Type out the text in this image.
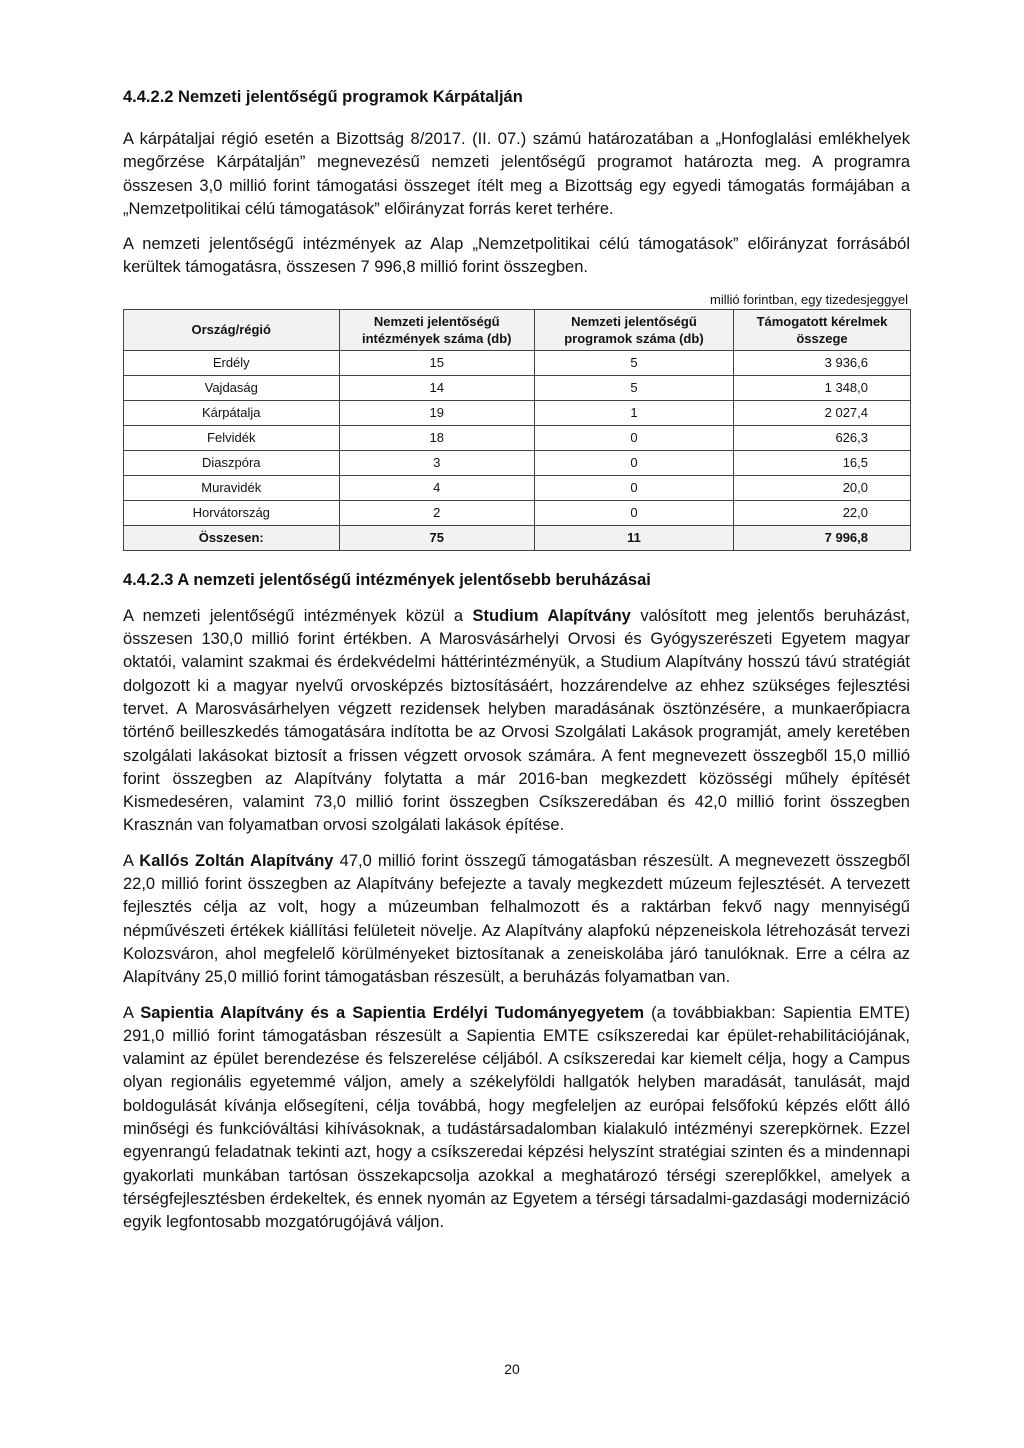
4.4.2.2 Nemzeti jelentőségű programok Kárpátalján

A kárpátaljai régió esetén a Bizottság 8/2017. (II. 07.) számú határozatában a „Honfoglalási emlékhelyek megőrzése Kárpátalján” megnevezésű nemzeti jelentőségű programot határozta meg. A programra összesen 3,0 millió forint támogatási összeget ítélt meg a Bizottság egy egyedi támogatás formájában a „Nemzetpolitikai célú támogatások” előirányzat forrás keret terhére.

A nemzeti jelentőségű intézmények az Alap „Nemzetpolitikai célú támogatások” előirányzat forrásából kerültek támogatásra, összesen 7 996,8 millió forint összegben.

millió forintban, egy tizedesjeggyel
Ország/régió	Nemzeti jelentőségű intézmények száma (db)	Nemzeti jelentőségű programok száma (db)	Támogatott kérelmek összege
Erdély	15	5	3 936,6
Vajdaság	14	5	1 348,0
Kárpátalja	19	1	2 027,4
Felvidék	18	0	626,3
Diaszpóra	3	0	16,5
Muravidék	4	0	20,0
Horvátország	2	0	22,0
Összesen:	75	11	7 996,8
4.4.2.3 A nemzeti jelentőségű intézmények jelentősebb beruházásai

A nemzeti jelentőségű intézmények közül a Studium Alapítvány valósított meg jelentős beruházást, összesen 130,0 millió forint értékben. A Marosvásárhelyi Orvosi és Gyógyszerészeti Egyetem magyar oktatói, valamint szakmai és érdekvédelmi háttérintézményük, a Studium Alapítvány hosszú távú stratégiát dolgozott ki a magyar nyelvű orvosképzés biztosításáért, hozzárendelve az ehhez szükséges fejlesztési tervet. A Marosvásárhelyen végzett rezidensek helyben maradásának ösztönzésére, a munkaerőpiacra történő beilleszkedés támogatására indította be az Orvosi Szolgálati Lakások programját, amely keretében szolgálati lakásokat biztosít a frissen végzett orvosok számára. A fent megnevezett összegből 15,0 millió forint összegben az Alapítvány folytatta a már 2016-ban megkezdett közösségi műhely építését Kismedeséren, valamint 73,0 millió forint összegben Csíkszeredában és 42,0 millió forint összegben Krasznán van folyamatban orvosi szolgálati lakások építése.

A Kallós Zoltán Alapítvány 47,0 millió forint összegű támogatásban részesült. A megnevezett összegből 22,0 millió forint összegben az Alapítvány befejezte a tavaly megkezdett múzeum fejlesztését. A tervezett fejlesztés célja az volt, hogy a múzeumban felhalmozott és a raktárban fekvő nagy mennyiségű népművészeti értékek kiállítási felületeit növelje. Az Alapítvány alapfokú népzeneiskola létrehozását tervezi Kolozsváron, ahol megfelelő körülményeket biztosítanak a zeneiskolába járó tanulóknak. Erre a célra az Alapítvány 25,0 millió forint támogatásban részesült, a beruházás folyamatban van.

A Sapientia Alapítvány és a Sapientia Erdélyi Tudományegyetem (a továbbiakban: Sapientia EMTE) 291,0 millió forint támogatásban részesült a Sapientia EMTE csíkszeredai kar épület-rehabilitációjának, valamint az épület berendezése és felszerelése céljából. A csíkszeredai kar kiemelt célja, hogy a Campus olyan regionális egyetemmé váljon, amely a székelyföldi hallgatók helyben maradását, tanulását, majd boldogulását kívánja elősegíteni, célja továbbá, hogy megfeleljen az európai felsőfokú képzés előtt álló minőségi és funkcióváltási kihívásoknak, a tudástársadalomban kialakuló intézményi szerepkörnek. Ezzel egyenrangú feladatnak tekinti azt, hogy a csíkszeredai képzési helyszínt stratégiai szinten és a mindennapi gyakorlati munkában tartósan összekapcsolja azokkal a meghatározó térségi szereplőkkel, amelyek a térségfejlesztésben érdekeltek, és ennek nyomán az Egyetem a térségi társadalmi-gazdasági modernizáció egyik legfontosabb mozgatórugójává váljon.

20
